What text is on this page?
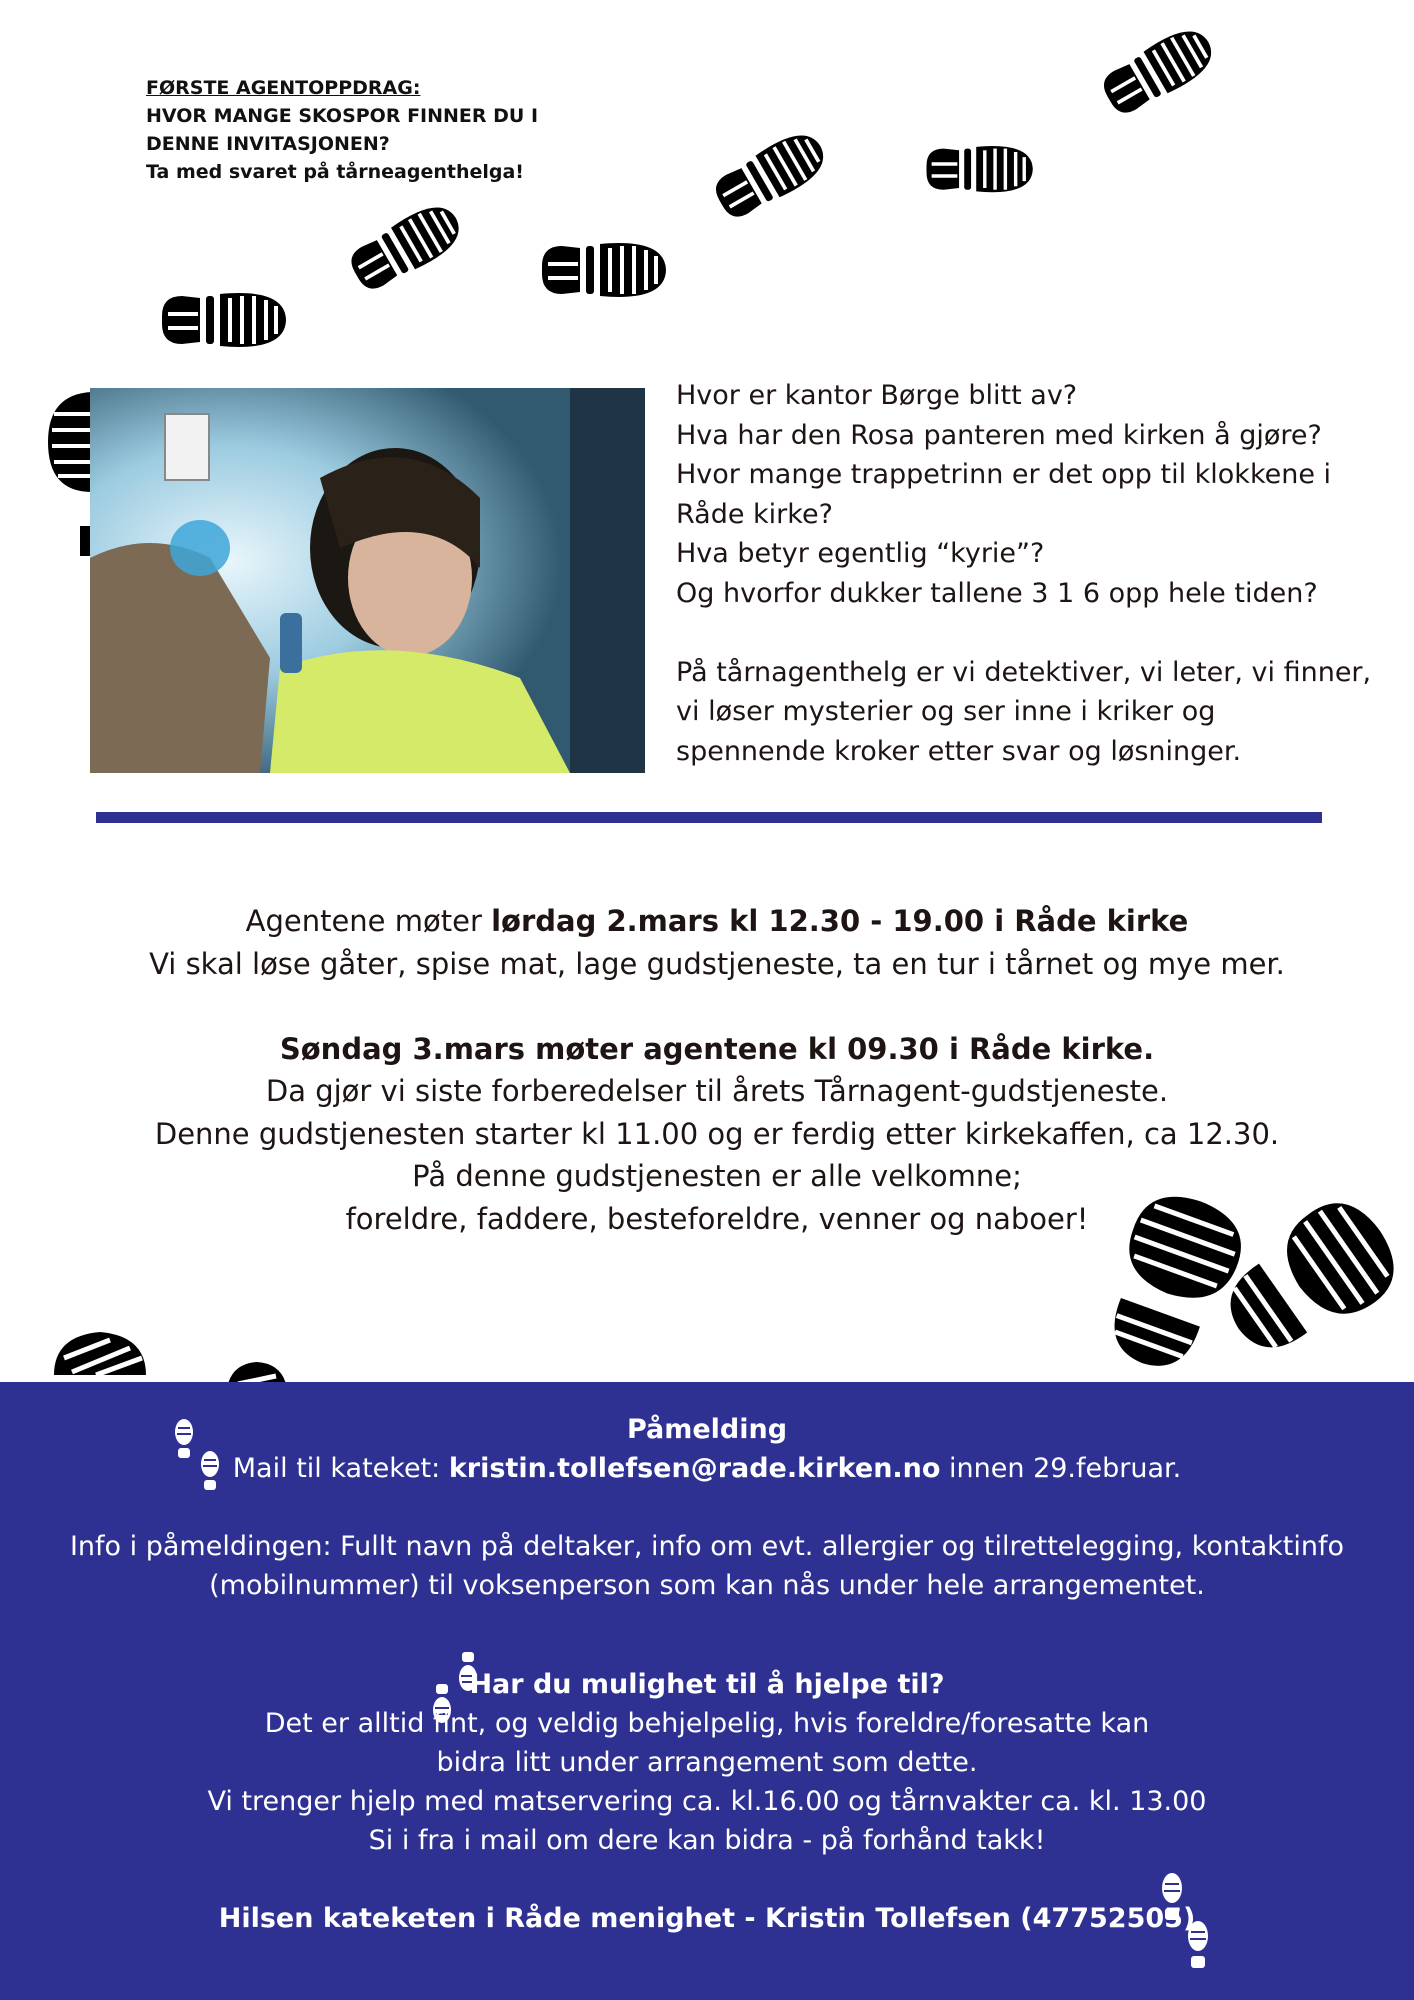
FØRSTE AGENTOPPDRAG:
HVOR MANGE SKOSPOR FINNER DU I
DENNE INVITASJONEN?
Ta med svaret på tårneagenthelga!
Hvor er kantor Børge blitt av?
Hva har den Rosa panteren med kirken å gjøre?
Hvor mange trappetrinn er det opp til klokkene i
Råde kirke?
Hva betyr egentlig “kyrie”?
Og hvorfor dukker tallene 3 1 6 opp hele tiden?
På tårnagenthelg er vi detektiver, vi leter, vi finner,
vi løser mysterier og ser inne i kriker og
spennende kroker etter svar og løsninger.
Agentene møter lørdag 2.mars kl 12.30 - 19.00 i Råde kirke
Vi skal løse gåter, spise mat, lage gudstjeneste, ta en tur i tårnet og mye mer.
Søndag 3.mars møter agentene kl 09.30 i Råde kirke.
Da gjør vi siste forberedelser til årets Tårnagent-gudstjeneste.
Denne gudstjenesten starter kl 11.00 og er ferdig etter kirkekaffen, ca 12.30.
På denne gudstjenesten er alle velkomne;
foreldre, faddere, besteforeldre, venner og naboer!
Påmelding
Mail til kateket: kristin.tollefsen@rade.kirken.no innen 29.februar.
Info i påmeldingen: Fullt navn på deltaker, info om evt. allergier og tilrettelegging, kontaktinfo
(mobilnummer) til voksenperson som kan nås under hele arrangementet.
Har du mulighet til å hjelpe til?
Det er alltid fint, og veldig behjelpelig, hvis foreldre/foresatte kan
bidra litt under arrangement som dette.
Vi trenger hjelp med matservering ca. kl.16.00 og tårnvakter ca. kl. 13.00
Si i fra i mail om dere kan bidra - på forhånd takk!
Hilsen kateketen i Råde menighet - Kristin Tollefsen (47752505)
